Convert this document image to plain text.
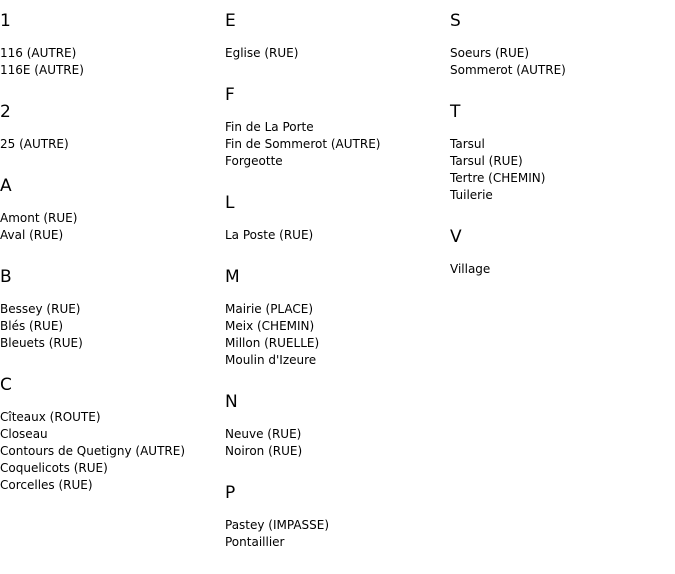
1
116 (AUTRE)
116E (AUTRE)
2
25 (AUTRE)
A
Amont (RUE)
Aval (RUE)
B
Bessey (RUE)
Blés (RUE)
Bleuets (RUE)
C
Cîteaux (ROUTE)
Closeau
Contours de Quetigny (AUTRE)
Coquelicots (RUE)
Corcelles (RUE)
E
Eglise (RUE)
F
Fin de La Porte
Fin de Sommerot (AUTRE)
Forgeotte
L
La Poste (RUE)
M
Mairie (PLACE)
Meix (CHEMIN)
Millon (RUELLE)
Moulin d'Izeure
N
Neuve (RUE)
Noiron (RUE)
P
Pastey (IMPASSE)
Pontaillier
S
Soeurs (RUE)
Sommerot (AUTRE)
T
Tarsul
Tarsul (RUE)
Tertre (CHEMIN)
Tuilerie
V
Village
